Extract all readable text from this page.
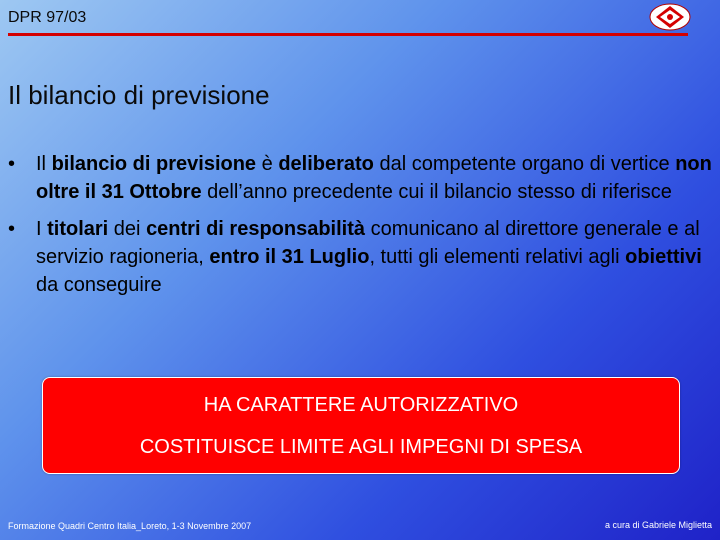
DPR 97/03
Il bilancio di previsione
•
Il bilancio di previsione è deliberato dal competente organo di vertice non oltre il 31 Ottobre dell’anno precedente cui il bilancio stesso di riferisce
•
I titolari dei centri di responsabilità comunicano al direttore generale e al servizio ragioneria, entro il 31 Luglio, tutti gli elementi relativi agli obiettivi da conseguire
HA CARATTERE AUTORIZZATIVO
COSTITUISCE LIMITE AGLI IMPEGNI DI SPESA
Formazione Quadri Centro Italia_Loreto, 1-3 Novembre 2007	a cura di Gabriele Miglietta
